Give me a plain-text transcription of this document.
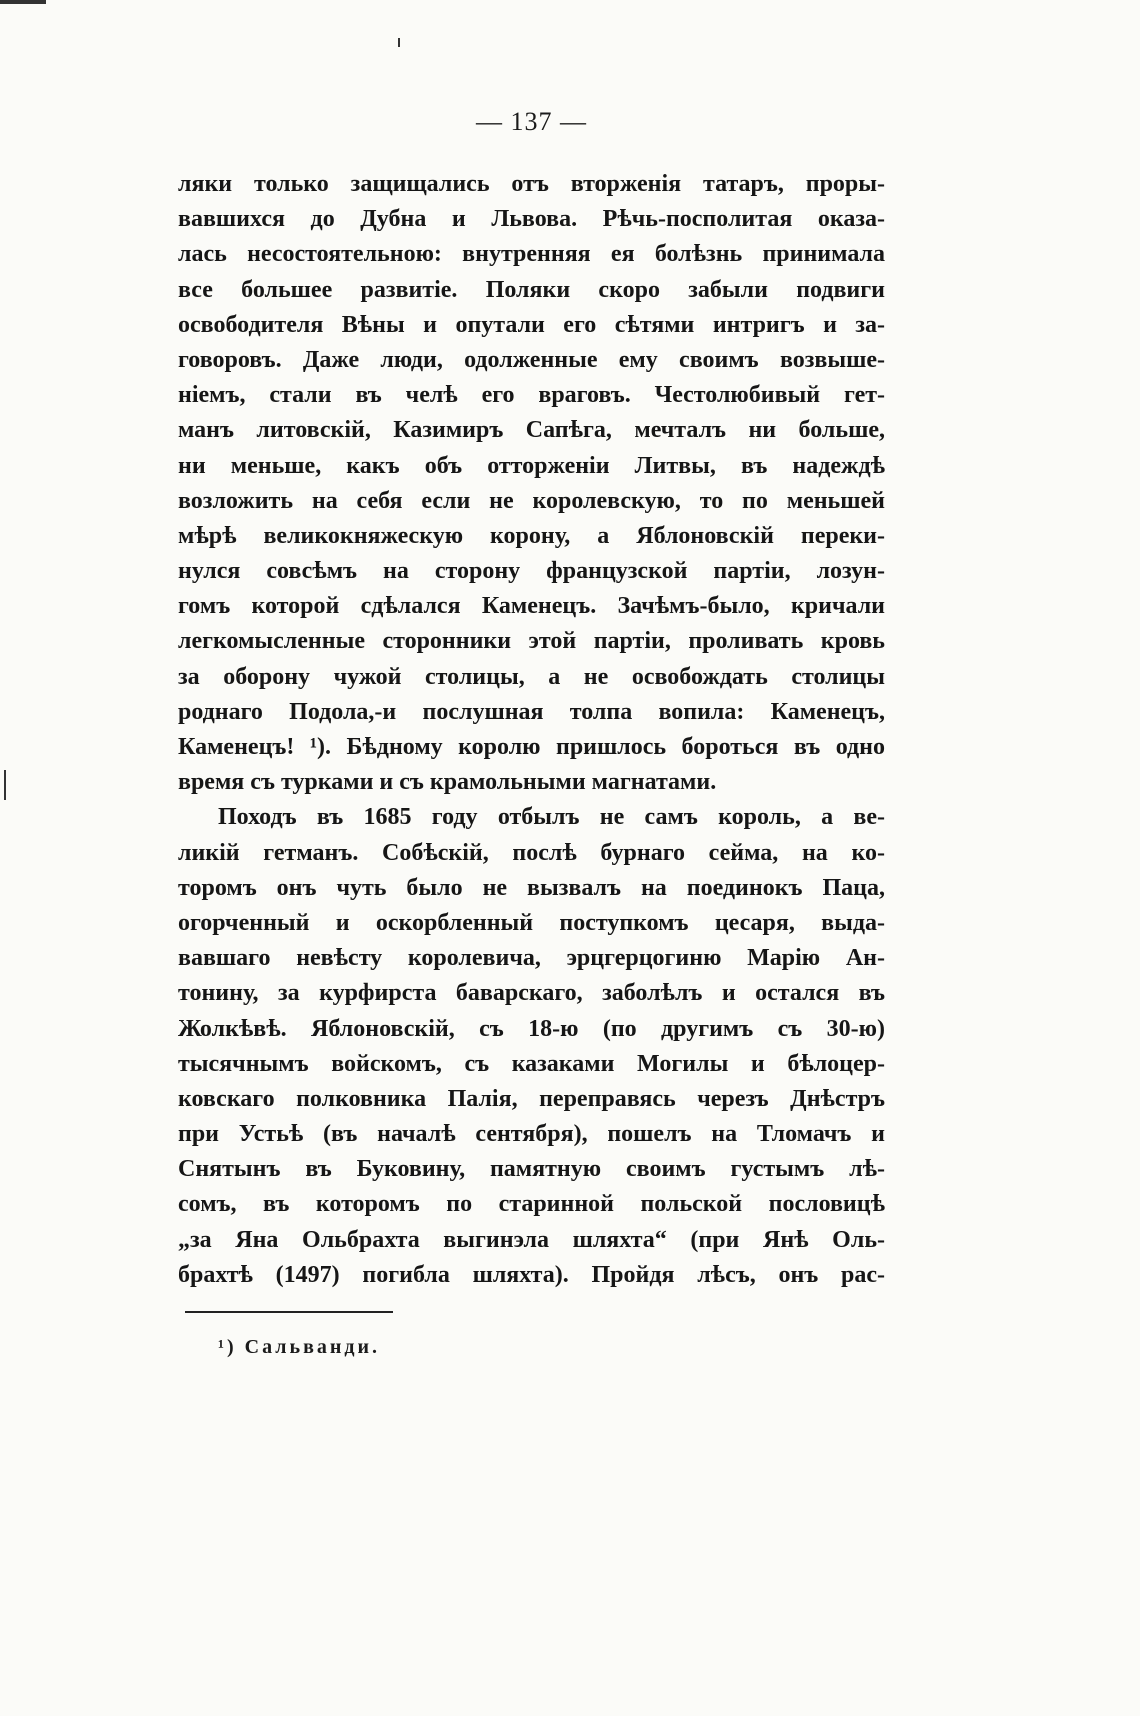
— 137 —
ляки только защищались отъ вторженія татаръ, проры-
вавшихся до Дубна и Львова. Рѣчь-посполитая оказа-
лась несостоятельною: внутренняя ея болѣзнь принимала
все большее развитіе. Поляки скоро забыли подвиги
освободителя Вѣны и опутали его сѣтями интригъ и за-
говоровъ. Даже люди, одолженные ему своимъ возвыше-
ніемъ, стали въ челѣ его враговъ. Честолюбивый гет-
манъ литовскій, Казимиръ Сапѣга, мечталъ ни больше,
ни меньше, какъ объ отторженіи Литвы, въ надеждѣ
возложить на себя если не королевскую, то по меньшей
мѣрѣ великокняжескую корону, а Яблоновскій переки-
нулся совсѣмъ на сторону французской партіи, лозун-
гомъ которой сдѣлался Каменецъ. Зачѣмъ-было, кричали
легкомысленные сторонники этой партіи, проливать кровь
за оборону чужой столицы, а не освобождать столицы
роднаго Подола,-и послушная толпа вопила: Каменецъ,
Каменецъ! ¹). Бѣдному королю пришлось бороться въ одно
время съ турками и съ крамольными магнатами.
Походъ въ 1685 году отбылъ не самъ король, а ве-
ликій гетманъ. Собѣскій, послѣ бурнаго сейма, на ко-
торомъ онъ чуть было не вызвалъ на поединокъ Паца,
огорченный и оскорбленный поступкомъ цесаря, выда-
вавшаго невѣсту королевича, эрцгерцогиню Марію Ан-
тонину, за курфирста баварскаго, заболѣлъ и остался въ
Жолкѣвѣ. Яблоновскій, съ 18-ю (по другимъ съ 30-ю)
тысячнымъ войскомъ, съ казаками Могилы и бѣлоцер-
ковскаго полковника Палія, переправясь черезъ Днѣстръ
при Устьѣ (въ началѣ сентября), пошелъ на Тломачъ и
Снятынъ въ Буковину, памятную своимъ густымъ лѣ-
сомъ, въ которомъ по старинной польской пословицѣ
„за Яна Ольбрахта выгинэла шляхта“ (при Янѣ Оль-
брахтѣ (1497) погибла шляхта). Пройдя лѣсъ, онъ рас-
¹) Сальванди.
